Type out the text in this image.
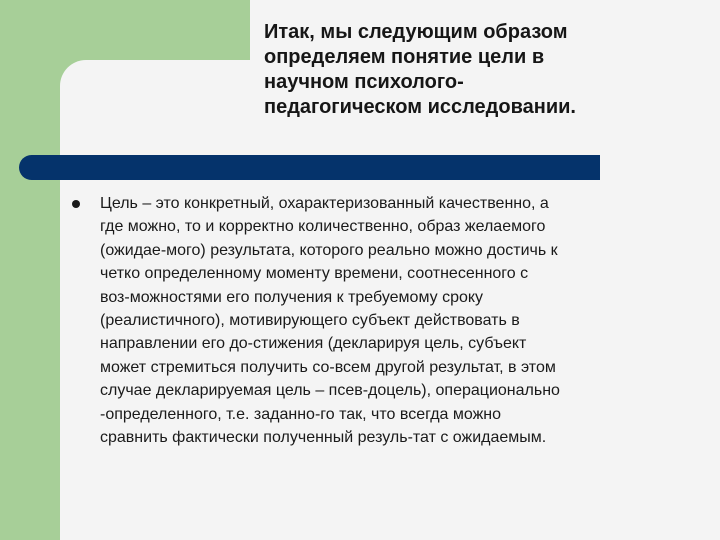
Итак, мы следующим образом
определяем понятие цели в
научном психолого-
педагогическом исследовании.
Цель – это конкретный, охарактеризованный качественно, а
где можно, то и корректно количественно, образ желаемого
(ожидае-мого) результата, которого реально можно достичь к
четко определенному моменту времени, соотнесенного с
воз-можностями его получения к требуемому сроку
(реалистичного), мотивирующего субъект действовать в
направлении его до-стижения (декларируя цель, субъект
может стремиться получить со-всем другой результат, в этом
случае декларируемая цель – псев-доцель), операционально
-определенного, т.е. заданно-го так, что всегда можно
сравнить фактически полученный резуль-тат с ожидаемым.
